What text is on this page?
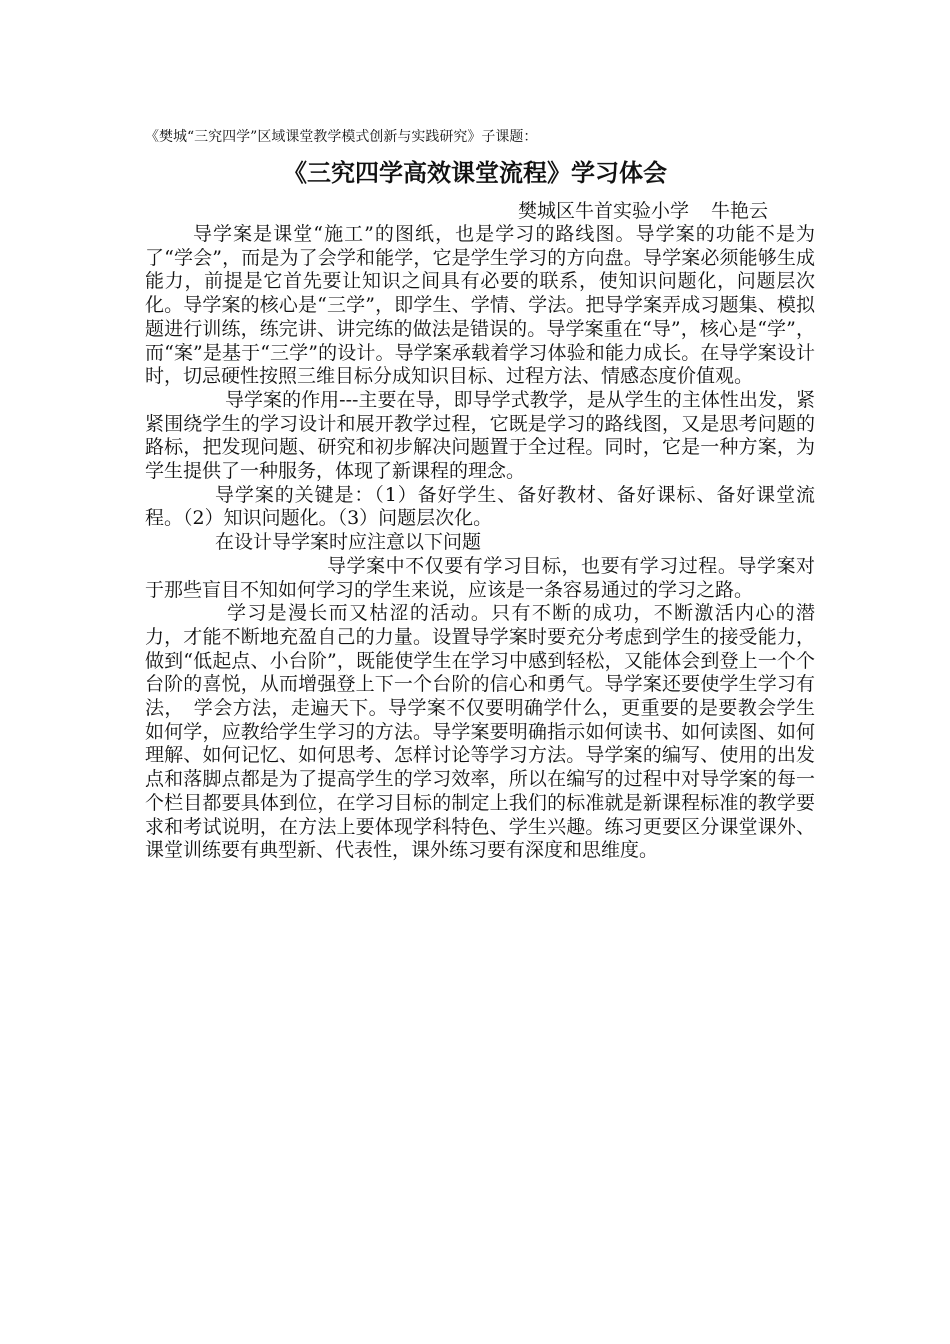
《樊城“三究四学”区域课堂教学模式创新与实践研究》子课题：
《三究四学高效课堂流程》学习体会
樊城区牛首实验小学 牛艳云

导学案是课堂“施工”的图纸，也是学习的路线图。导学案的功能不是为了“学会”，而是为了会学和能学，它是学生学习的方向盘。导学案必须能够生成能力，前提是它首先要让知识之间具有必要的联系，使知识问题化，问题层次化。导学案的核心是“三学”，即学生、学情、学法。把导学案弄成习题集、模拟题进行训练，练完讲、讲完练的做法是错误的。导学案重在“导”，核心是“学”，而“案”是基于“三学”的设计。导学案承载着学习体验和能力成长。在导学案设计时，切忌硬性按照三维目标分成知识目标、过程方法、情感态度价值观。

导学案的作用---主要在导，即导学式教学，是从学生的主体性出发，紧紧围绕学生的学习设计和展开教学过程，它既是学习的路线图，又是思考问题的路标，把发现问题、研究和初步解决问题置于全过程。同时，它是一种方案，为学生提供了一种服务，体现了新课程的理念。

导学案的关键是：（1）备好学生、备好教材、备好课标、备好课堂流程。（2）知识问题化。（3）问题层次化。

在设计导学案时应注意以下问题

导学案中不仅要有学习目标，也要有学习过程。导学案对于那些盲目不知如何学习的学生来说，应该是一条容易通过的学习之路。

学习是漫长而又枯涩的活动。只有不断的成功，不断激活内心的潜力，才能不断地充盈自己的力量。设置导学案时要充分考虑到学生的接受能力，做到“低起点、小台阶”，既能使学生在学习中感到轻松，又能体会到登上一个个台阶的喜悦，从而增强登上下一个台阶的信心和勇气。导学案还要使学生学习有法，　学会方法，走遍天下。导学案不仅要明确学什么，更重要的是要教会学生如何学，应教给学生学习的方法。导学案要明确指示如何读书、如何读图、如何理解、如何记忆、如何思考、怎样讨论等学习方法。导学案的编写、使用的出发点和落脚点都是为了提高学生的学习效率，所以在编写的过程中对导学案的每一个栏目都要具体到位，在学习目标的制定上我们的标准就是新课程标准的教学要求和考试说明，在方法上要体现学科特色、学生兴趣。练习更要区分课堂课外、课堂训练要有典型新、代表性，课外练习要有深度和思维度。
